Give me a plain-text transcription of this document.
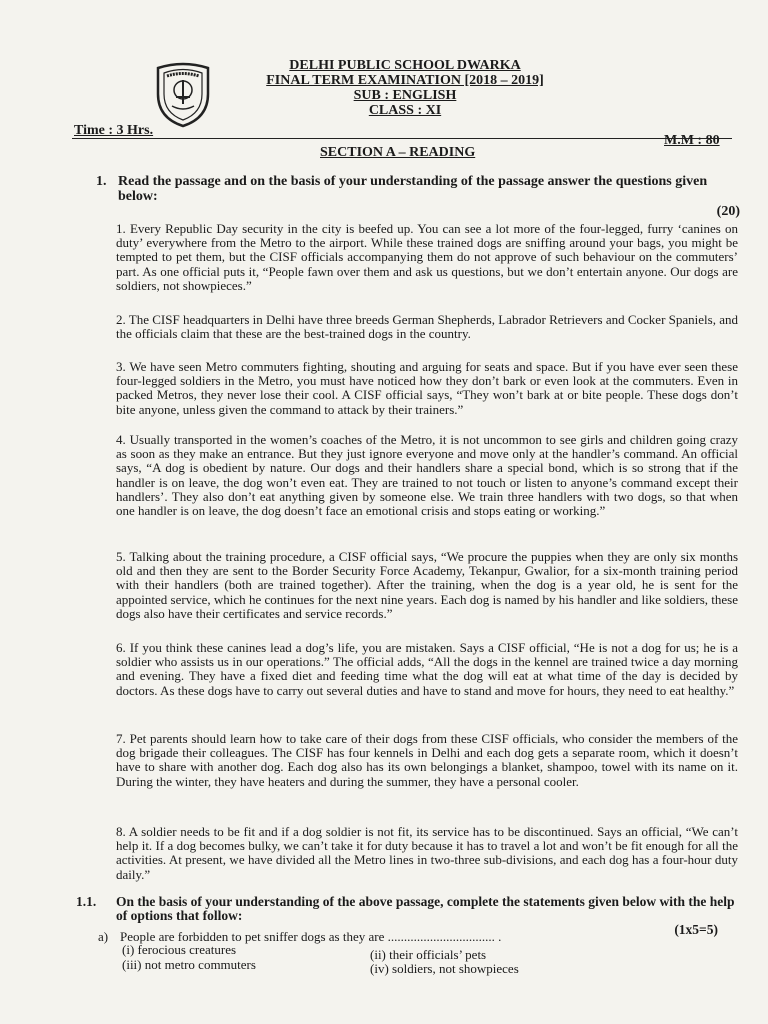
DELHI PUBLIC SCHOOL DWARKA
FINAL TERM EXAMINATION [2018 – 2019]
SUB : ENGLISH
CLASS : XI
Time : 3 Hrs.
M.M : 80
SECTION A – READING
1. Read the passage and on the basis of your understanding of the passage answer the questions given below:
(20)
1. Every Republic Day security in the city is beefed up. You can see a lot more of the four-legged, furry ‘canines on duty’ everywhere from the Metro to the airport. While these trained dogs are sniffing around your bags, you might be tempted to pet them, but the CISF officials accompanying them do not approve of such behaviour on the commuters’ part. As one official puts it, “People fawn over them and ask us questions, but we don’t entertain anyone. Our dogs are soldiers, not showpieces.”
2. The CISF headquarters in Delhi have three breeds German Shepherds, Labrador Retrievers and Cocker Spaniels, and the officials claim that these are the best-trained dogs in the country.
3. We have seen Metro commuters fighting, shouting and arguing for seats and space. But if you have ever seen these four-legged soldiers in the Metro, you must have noticed how they don’t bark or even look at the commuters. Even in packed Metros, they never lose their cool. A CISF official says, “They won’t bark at or bite people. These dogs don’t bite anyone, unless given the command to attack by their trainers.”
4. Usually transported in the women’s coaches of the Metro, it is not uncommon to see girls and children going crazy as soon as they make an entrance. But they just ignore everyone and move only at the handler’s command. An official says, “A dog is obedient by nature. Our dogs and their handlers share a special bond, which is so strong that if the handler is on leave, the dog won’t even eat. They are trained to not touch or listen to anyone’s command except their handlers’. They also don’t eat anything given by someone else. We train three handlers with two dogs, so that when one handler is on leave, the dog doesn’t face an emotional crisis and stops eating or working.”
5. Talking about the training procedure, a CISF official says, “We procure the puppies when they are only six months old and then they are sent to the Border Security Force Academy, Tekanpur, Gwalior, for a six-month training period with their handlers (both are trained together). After the training, when the dog is a year old, he is sent for the appointed service, which he continues for the next nine years. Each dog is named by his handler and like soldiers, these dogs also have their certificates and service records.”
6. If you think these canines lead a dog’s life, you are mistaken. Says a CISF official, “He is not a dog for us; he is a soldier who assists us in our operations.” The official adds, “All the dogs in the kennel are trained twice a day morning and evening. They have a fixed diet and feeding time what the dog will eat at what time of the day is decided by doctors. As these dogs have to carry out several duties and have to stand and move for hours, they need to eat healthy.”
7. Pet parents should learn how to take care of their dogs from these CISF officials, who consider the members of the dog brigade their colleagues. The CISF has four kennels in Delhi and each dog gets a separate room, which it doesn’t have to share with another dog. Each dog also has its own belongings a blanket, shampoo, towel with its name on it. During the winter, they have heaters and during the summer, they have a personal cooler.
8. A soldier needs to be fit and if a dog soldier is not fit, its service has to be discontinued. Says an official, “We can’t help it. If a dog becomes bulky, we can’t take it for duty because it has to travel a lot and won’t be fit enough for all the activities. At present, we have divided all the Metro lines in two-three sub-divisions, and each dog has a four-hour duty daily.”
1.1. On the basis of your understanding of the above passage, complete the statements given below with the help of options that follow:
(1x5=5)
a) People are forbidden to pet sniffer dogs as they are ................................. .
(i) ferocious creatures	(ii) their officials’ pets
(iii) not metro commuters	(iv) soldiers, not showpieces
